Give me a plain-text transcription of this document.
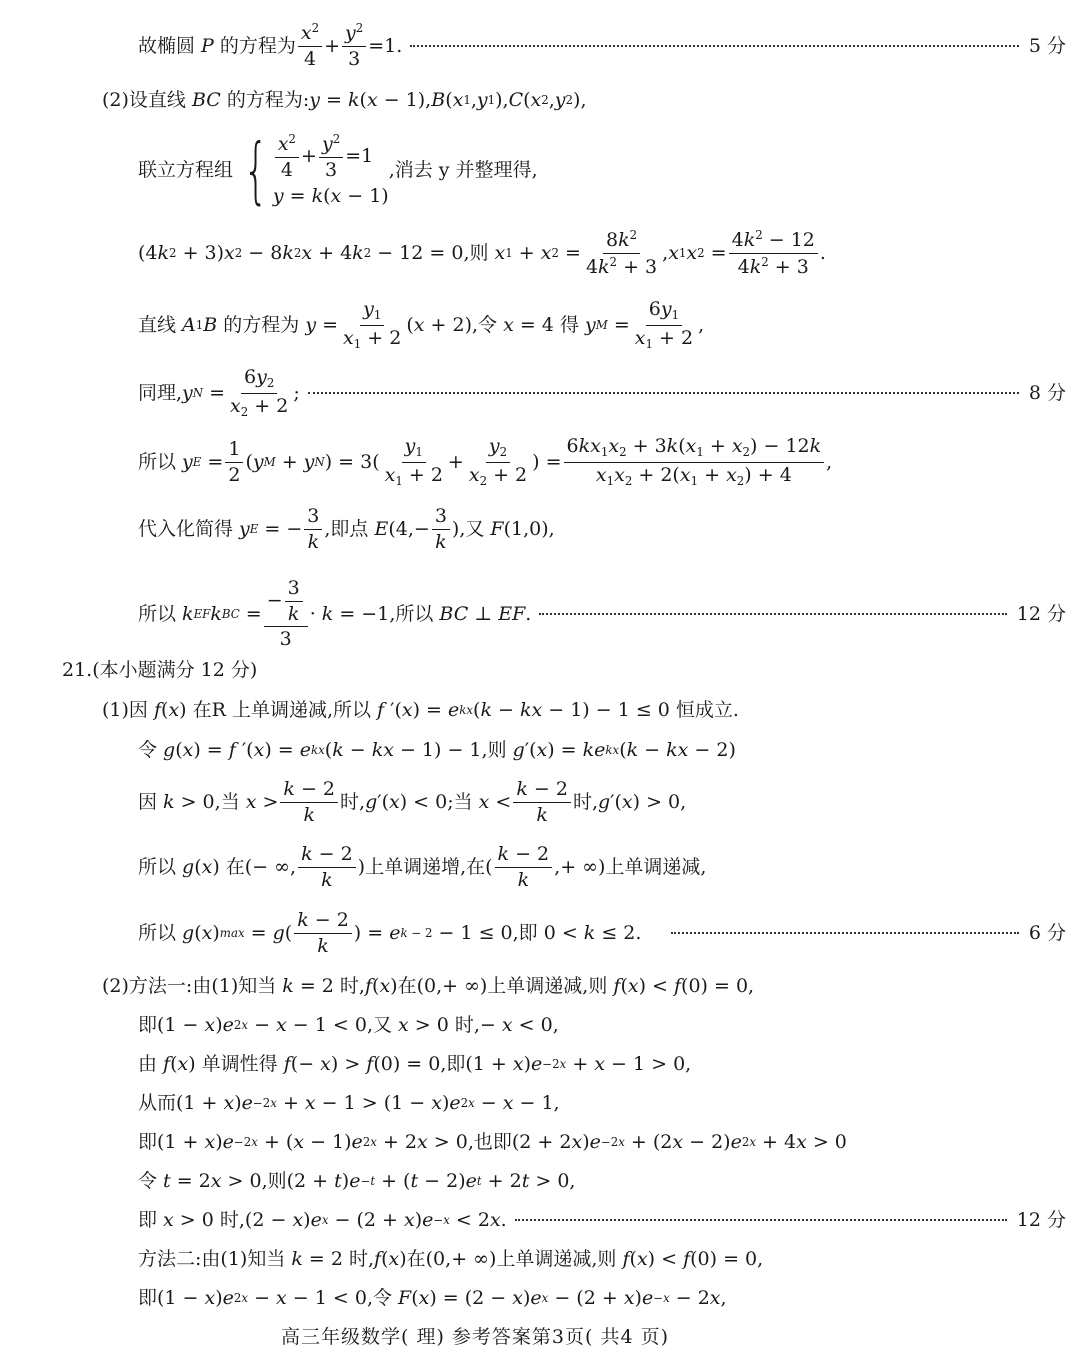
故椭圆 P 的方程为 $\frac{x^2}{4} + \frac{y^2}{3} =1$.	5 分
(2)设直线 BC 的方程为: y = k ( x − 1), B ( x 1 , y 1 ), C ( x 2 , y 2 ),
联立方程组 { $\frac{x^2}{4} + \frac{y^2}{3} =1$
y = k(x − 1)
,消去 y 并整理得,
(4 k 2 + 3) x 2 − 8 k 2 x + 4 k 2 − 12 = 0,则 x 1 + x $2 = \frac{8k^2}{4k^2 + 3}$ , x 1 x $2 = \frac{4k^2 - 12}{4k^2 + 3}$ .
直线 A 1 B 的方程为 $y = \frac{y_1}{x_1 + 2}$ ( x + 2),令 x = 4 得 y $M = \frac{6y_1}{x_1 + 2}$ ,
同理, y $N = \frac{6y_2}{x_2 + 2}$ ;	8 分
所以 y $E = \frac{1}{2}$ ( y M + y N ) = $3( \frac{y_1}{x_1 + 2} + \frac{y_2}{x_2 + 2}$ ) = $\frac{6kx_1x_2 + 3k(x_1 + x_2) - 12k}{x_1x_2 + 2(x_1 + x_2) + 4}$ ,
代入化简得 y E = − $\frac{3}{k}$ ,即点 E ($4,- \frac{3}{k}$ ),又 F (1,0),
所以 k EF k BC = $\frac{- \frac{3}{k}}{3} \cdot k = -1$,所以 BC ⊥ EF .	12 分
21.(本小题满分 12 分)
(1)因 f ( x ) 在R 上单调递减,所以 f ′( x ) = e kx ( k − kx − 1) − 1 ≤ 0 恒成立.
令 g ( x ) = f ′( x ) = e kx ( k − kx − 1) − 1,则 g ′( x ) = ke kx ( k − kx − 2)
因 k > 0,当 $x > \frac{k - 2}{k}$ 时, g ′( x ) < 0;当 $x < \frac{k - 2}{k}$ 时, g ′( x ) > 0,
所以 g ( x ) 在(− ∞, $\frac{k - 2}{k}$ )上单调递增,在( $\frac{k - 2}{k}$ ,+ ∞)上单调递减,
所以 g ( x ) max = g ( $\frac{k - 2}{k}$ ) = e k − 2 − 1 ≤ 0,即 0 < k ≤ 2.	6 分
(2)方法一:由(1)知当 k = 2 时, f ( x )在(0,+ ∞)上单调递减,则 f ( x ) < f (0) = 0,
即(1 − x ) e 2x − x − 1 < 0,又 x > 0 时,− x < 0,
由 f ( x ) 单调性得 f (− x ) > f (0) = 0,即(1 + x ) e −2x + x − 1 > 0,
从而(1 + x ) e −2x + x − 1 > (1 − x ) e 2x − x − 1,
即(1 + x ) e −2x + ( x − 1) e 2x + 2 x > 0,也即(2 + 2 x ) e −2x + (2 x − 2) e 2x + 4 x > 0
令 t = 2 x > 0,则(2 + t ) e −t + ( t − 2) e t + 2 t > 0,
即 x > 0 时,(2 − x ) e x − (2 + x ) e −x < 2 x .	12 分
方法二:由(1)知当 k = 2 时, f ( x )在(0,+ ∞)上单调递减,则 f ( x ) < f (0) = 0,
即(1 − x ) e 2x − x − 1 < 0,令 F ( x ) = (2 − x ) e x − (2 + x ) e −x − 2 x ,
高三年级数学( 理) 参考答案第3页( 共4 页)
